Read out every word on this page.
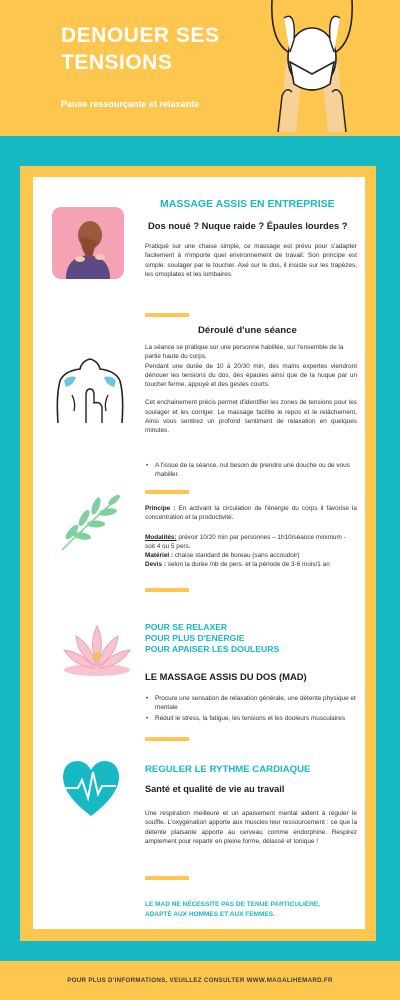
DENOUER SES TENSIONS
Pause ressourçante et relaxante
MASSAGE ASSIS EN ENTREPRISE
Dos noué ? Nuque raide ? Épaules lourdes ?
Pratiqué sur une chaise simple, ce massage est prévu pour s'adapter facilement à n'importe quel environnement de travail. Son principe est simple: soulager par le toucher. Axé sur le dos, il insiste sur les trapèzes, les omoplates et les lombaires.
Déroulé d'une séance
La séance se pratique sur une personne habillée, sur l'ensemble de la partie haute du corps.
Pendant une durée de 10 à 20/30 min, des mains expertes viendront dénouer les tensions du dos, des épaules ainsi que de la nuque par un toucher ferme, appuyé et des gestes courts.
Cet enchainement précis permet d'identifier les zones de tensions pour les soulager et les corriger. Le massage facilite le repos et le relâchement. Ainsi vous sentirez un profond sentiment de relaxation en quelques minutes.
• A l'issue de la séance, nul besoin de prendre une douche ou de vous rhabiller.
Principe : En activant la circulation de l'énergie du corps il favorise la concentration et la productivité.
Modalités: prévoir 10/20 min par personnes – 1h10/séance minimum - soit 4 ou 5 pers.
Matériel : chaise standard de bureau (sans accoudoir)
Devis : selon la durée /nb de pers. et la période de 3-6 mois/1 an
POUR SE RELAXER
POUR PLUS D'ENERGIE
POUR APAISER LES DOULEURS
LE MASSAGE ASSIS DU DOS (MAD)
• Procure une sensation de relaxation générale, une détente physique et mentale
• Réduit le stress, la fatigue, les tensions et les douleurs musculaires
REGULER LE RYTHME CARDIAQUE
Santé et qualité de vie au travail
Une respiration meilleure et un apaisement mental aident à réguler le souffle. L'oxygénation apporte aux muscles leur ressourcement : ce que la détente plaisante apporte au cerveau comme endorphine. Respirez amplement pour repartir en pleine forme, délassé et tonique !
LE MAD NE NÉCESSITE PAS DE TENUE PARTICULIÈRE,
ADAPTÉ AUX HOMMES ET AUX FEMMES.
POUR PLUS D'INFORMATIONS, VEUILLEZ CONSULTER WWW.MAGALIHEMARD.FR
